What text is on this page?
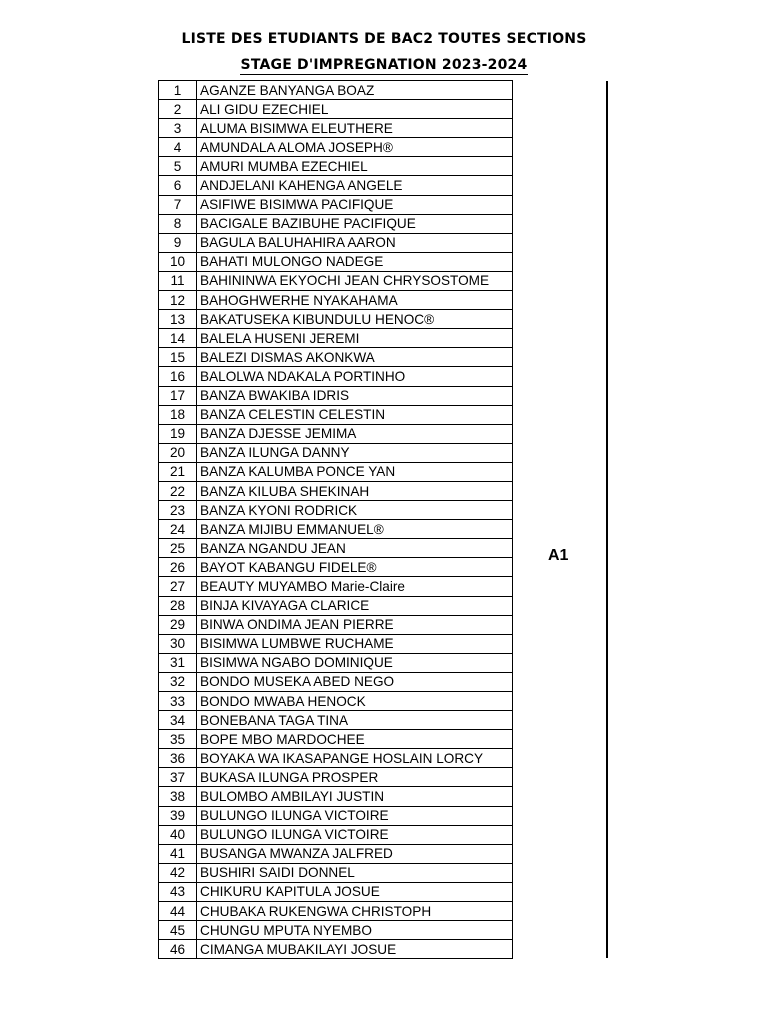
LISTE DES ETUDIANTS DE BAC2 TOUTES SECTIONS
STAGE D'IMPREGNATION 2023-2024
1	AGANZE BANYANGA BOAZ
2	ALI GIDU EZECHIEL
3	ALUMA BISIMWA ELEUTHERE
4	AMUNDALA ALOMA JOSEPH®
5	AMURI MUMBA EZECHIEL
6	ANDJELANI KAHENGA ANGELE
7	ASIFIWE BISIMWA PACIFIQUE
8	BACIGALE BAZIBUHE PACIFIQUE
9	BAGULA BALUHAHIRA AARON
10	BAHATI MULONGO NADEGE
11	BAHININWA EKYOCHI JEAN CHRYSOSTOME
12	BAHOGHWERHE NYAKAHAMA
13	BAKATUSEKA KIBUNDULU HENOC®
14	BALELA HUSENI JEREMI
15	BALEZI DISMAS AKONKWA
16	BALOLWA NDAKALA PORTINHO
17	BANZA BWAKIBA IDRIS
18	BANZA CELESTIN CELESTIN
19	BANZA DJESSE JEMIMA
20	BANZA ILUNGA DANNY
21	BANZA KALUMBA PONCE YAN
22	BANZA KILUBA SHEKINAH
23	BANZA KYONI RODRICK
24	BANZA MIJIBU EMMANUEL®
25	BANZA NGANDU JEAN
26	BAYOT KABANGU FIDELE®
27	BEAUTY MUYAMBO Marie-Claire
28	BINJA KIVAYAGA CLARICE
29	BINWA ONDIMA JEAN PIERRE
30	BISIMWA LUMBWE RUCHAME
31	BISIMWA NGABO DOMINIQUE
32	BONDO MUSEKA ABED NEGO
33	BONDO MWABA HENOCK
34	BONEBANA TAGA TINA
35	BOPE MBO MARDOCHEE
36	BOYAKA WA IKASAPANGE HOSLAIN LORCY
37	BUKASA ILUNGA PROSPER
38	BULOMBO AMBILAYI JUSTIN
39	BULUNGO ILUNGA VICTOIRE
40	BULUNGO ILUNGA VICTOIRE
41	BUSANGA MWANZA JALFRED
42	BUSHIRI SAIDI DONNEL
43	CHIKURU KAPITULA JOSUE
44	CHUBAKA RUKENGWA CHRISTOPH
45	CHUNGU MPUTA NYEMBO
46	CIMANGA MUBAKILAYI JOSUE
A1
